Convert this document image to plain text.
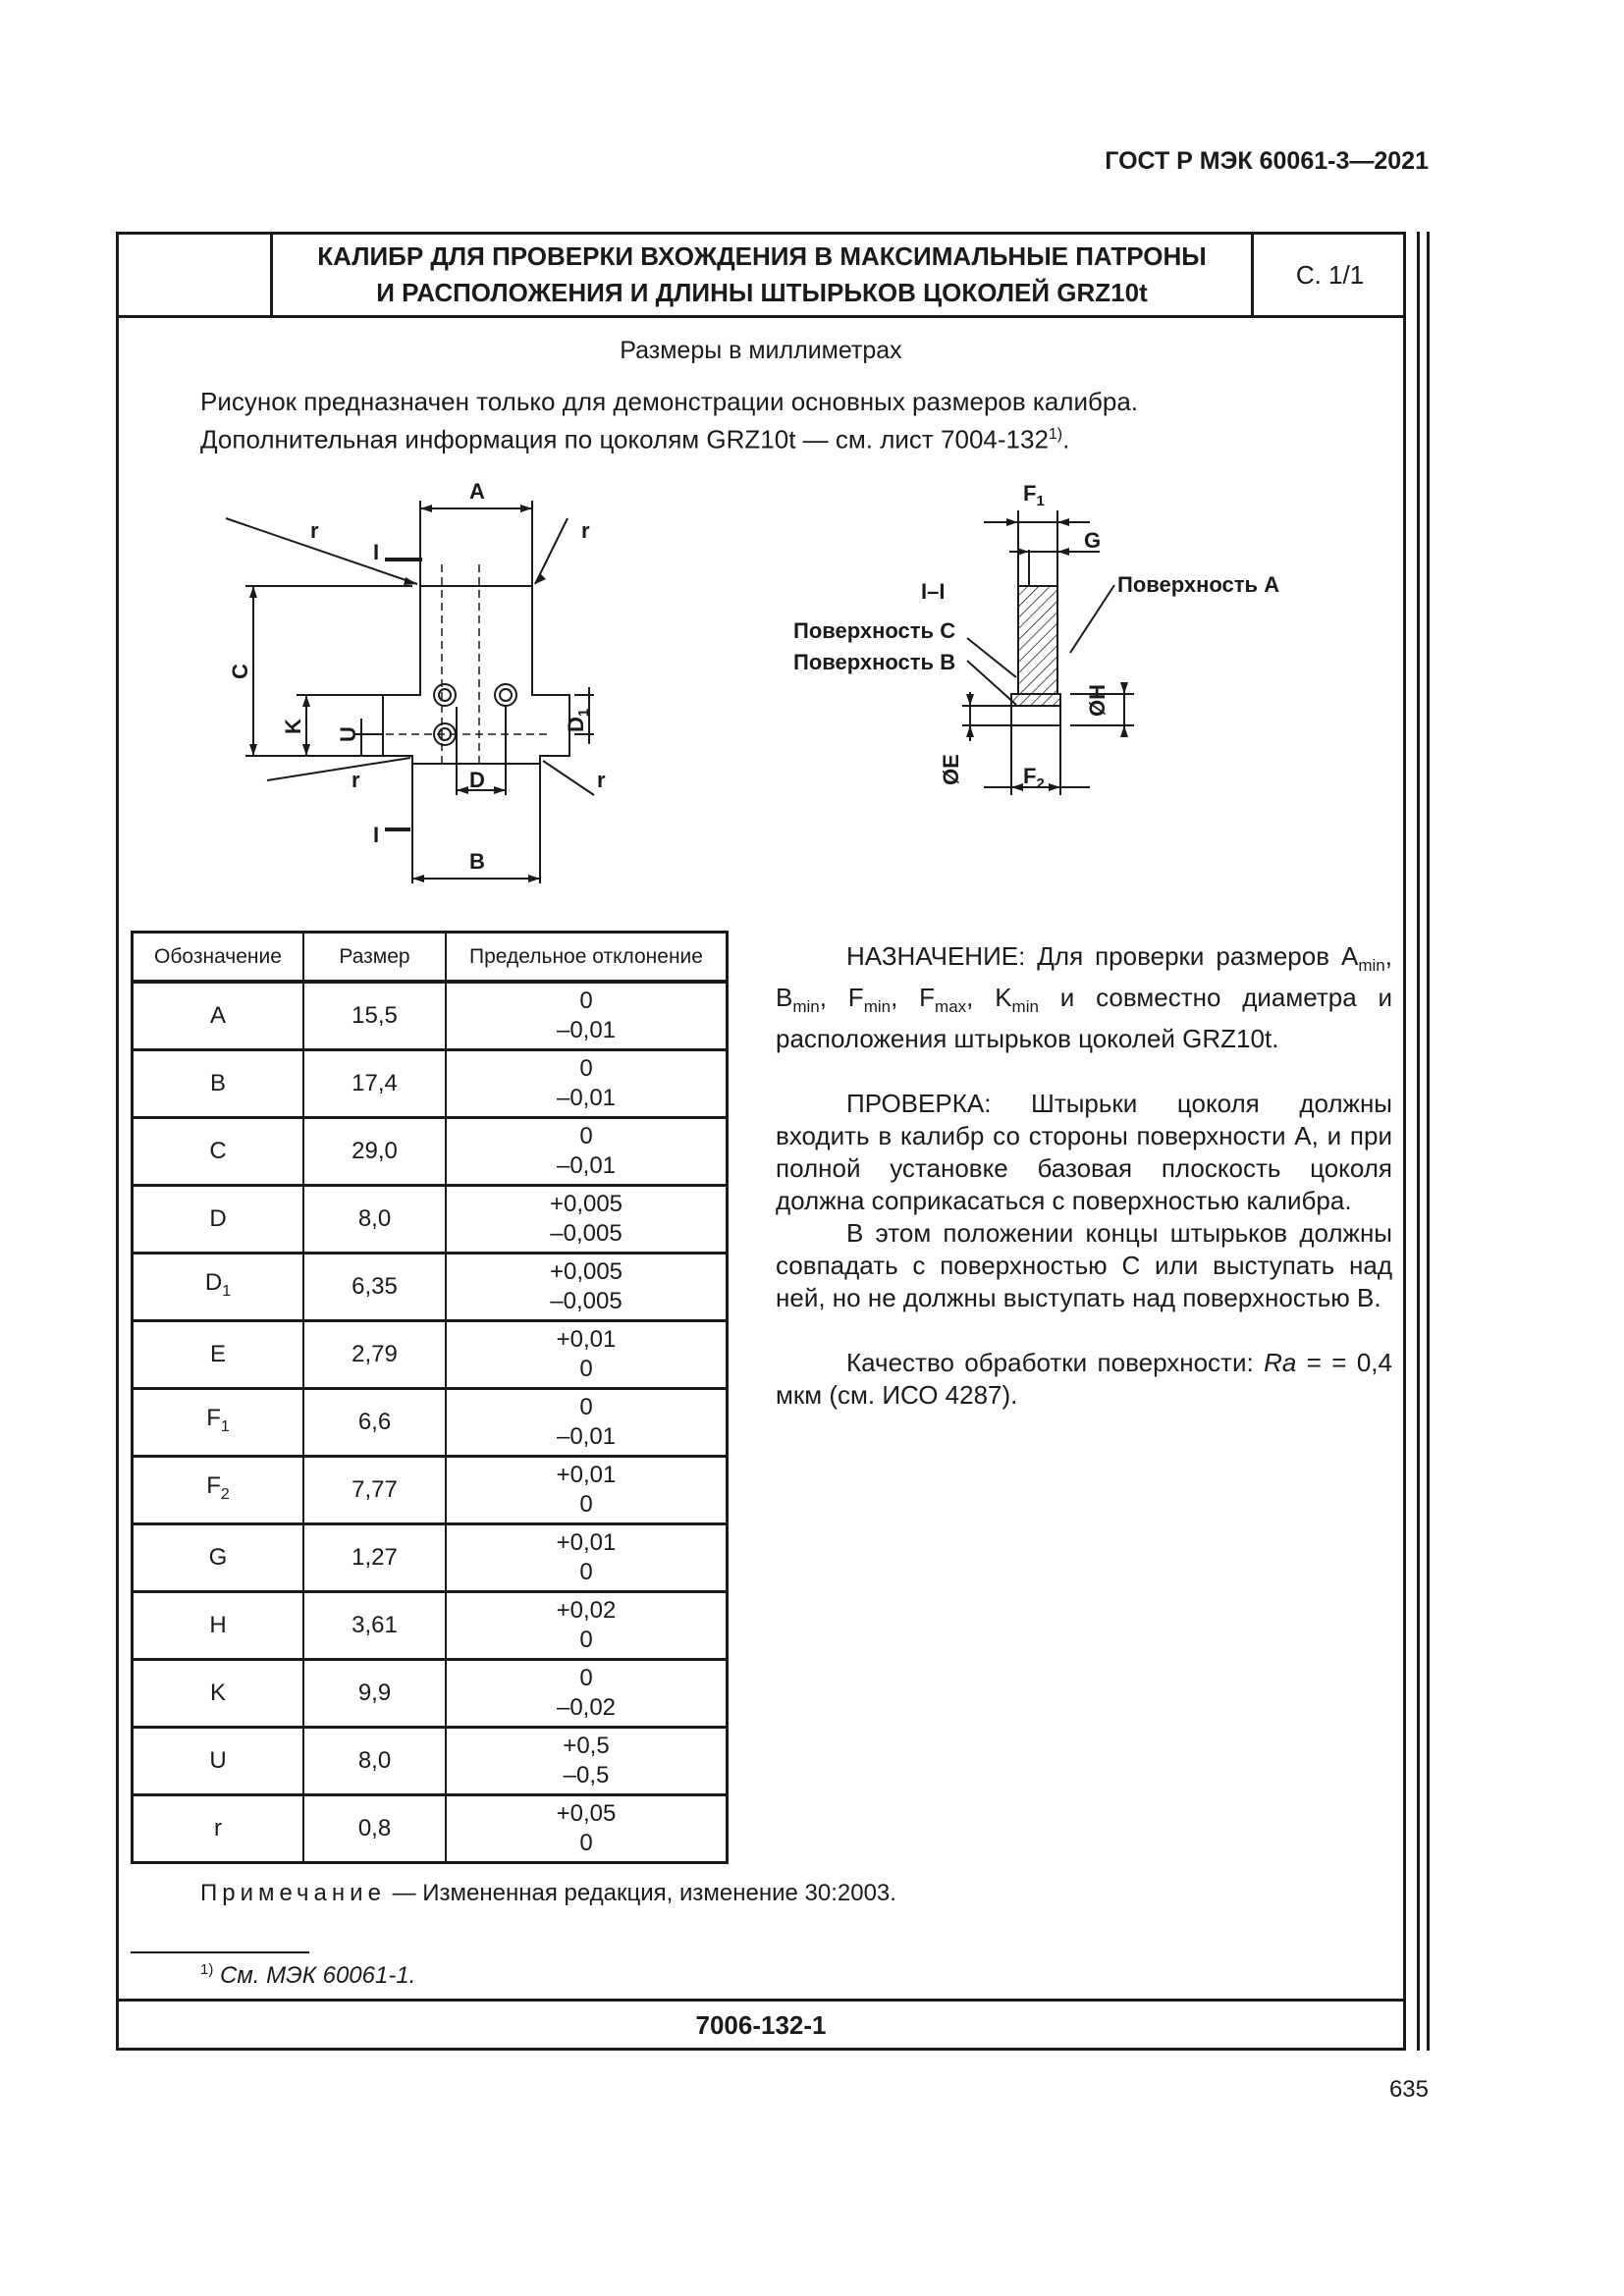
ГОСТ Р МЭК 60061-3—2021
КАЛИБР ДЛЯ ПРОВЕРКИ ВХОЖДЕНИЯ В МАКСИМАЛЬНЫЕ ПАТРОНЫ
И РАСПОЛОЖЕНИЯ И ДЛИНЫ ШТЫРЬКОВ ЦОКОЛЕЙ GRZ10t
С. 1/1
Размеры в миллиметрах
Рисунок предназначен только для демонстрации основных размеров калибра.
Дополнительная информация по цоколям GRZ10t — см. лист 7004-132$^{1)}$.
A
B
D
r	r
r	r
I
I
C
K
U
$D_1$
$F_1$
$F_2$
G
ØH
ØE
I–I	Поверхность A
Поверхность C
Поверхность B
Обозначение	Размер	Предельное отклонение
A	15,5	0
–0,01

B	17,4	0
–0,01

C	29,0	0
–0,01

D	8,0	+0,005
–0,005

$D_1$	6,35	+0,005
–0,005

E	2,79	+0,01
0

$F_1$	6,6	0
–0,01

$F_2$	7,77	+0,01
0

G	1,27	+0,01
0

H	3,61	+0,02
0

K	9,9	0
–0,02

U	8,0	+0,5
–0,5

r	0,8	+0,05
0

НАЗНАЧЕНИЕ: Для проверки размеров $A_{min}$, $B_{min}$, $F_{min}$, $F_{max}$, $K_{min}$ и совместно диаметра и расположения штырьков цоколей GRZ10t.

ПРОВЕРКА: Штырьки цоколя должны входить в калибр со стороны поверхности A, и при полной установке базовая плоскость цоколя должна соприкасаться с поверхностью калибра.

В этом положении концы штырьков должны совпадать с поверхностью C или выступать над ней, но не должны выступать над поверхностью B.

Качество обработки поверхности: Ra = = 0,4 мкм (см. ИСО 4287).

Примечание — Измененная редакция, изменение 30:2003.
$^{1)}$ См. МЭК 60061-1.
7006-132-1
635
